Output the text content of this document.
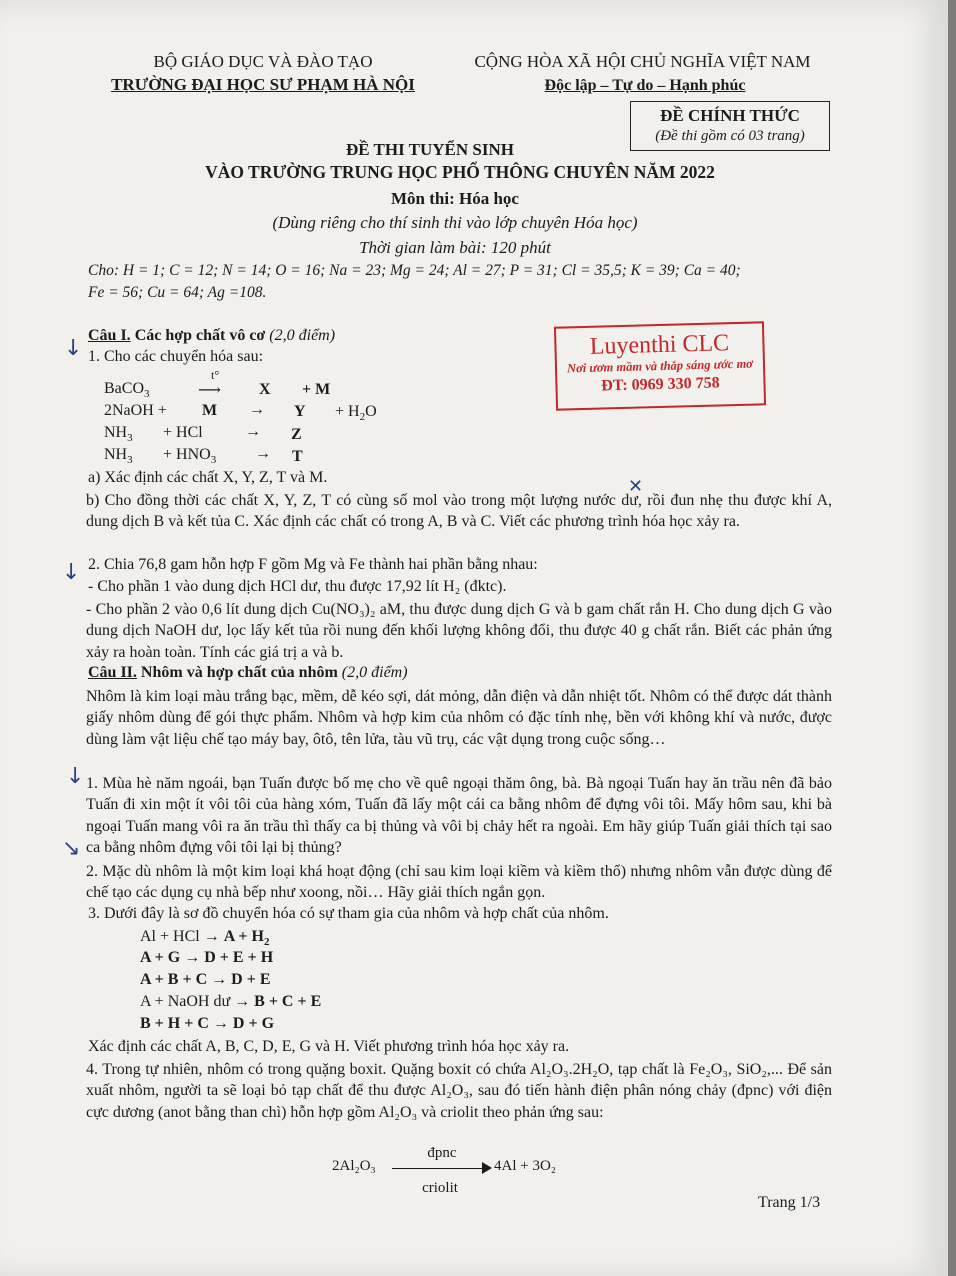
BỘ GIÁO DỤC VÀ ĐÀO TẠO
TRƯỜNG ĐẠI HỌC SƯ PHẠM HÀ NỘI
CỘNG HÒA XÃ HỘI CHỦ NGHĨA VIỆT NAM
Độc lập – Tự do – Hạnh phúc
ĐỀ CHÍNH THỨC
(Đề thi gồm có 03 trang)
ĐỀ THI TUYỂN SINH
VÀO TRƯỜNG TRUNG HỌC PHỔ THÔNG CHUYÊN NĂM 2022
Môn thi: Hóa học
(Dùng riêng cho thí sinh thi vào lớp chuyên Hóa học)
Thời gian làm bài: 120 phút
Cho: H = 1; C = 12; N = 14; O = 16; Na = 23; Mg = 24; Al = 27; P = 31; Cl = 35,5; K = 39; Ca = 40;
Fe = 56; Cu = 64; Ag =108.
Luyenthi CLC
Nơi ươm mầm và thắp sáng ước mơ
ĐT: 0969 330 758
Câu I. Các hợp chất vô cơ (2,0 điểm)
1. Cho các chuyển hóa sau:
BaCO$_3$
t°
⟶ X + M
2NaOH + $M \to Y + H_2O$
$NH_3$ + HCl	→ Z
$NH_3 + HNO_3 \to T$
a) Xác định các chất X, Y, Z, T và M.
b) Cho đồng thời các chất X, Y, Z, T có cùng số mol vào trong một lượng nước dư, rồi đun nhẹ thu được khí A, dung dịch B và kết tủa C. Xác định các chất có trong A, B và C. Viết các phương trình hóa học xảy ra.
2. Chia 76,8 gam hỗn hợp F gồm Mg và Fe thành hai phần bằng nhau:
- Cho phần 1 vào dung dịch HCl dư, thu được 17,92 lít H₂ (đktc).
- Cho phần 2 vào 0,6 lít dung dịch Cu(NO₃)₂ aM, thu được dung dịch G và b gam chất rắn H. Cho dung dịch G vào dung dịch NaOH dư, lọc lấy kết tủa rồi nung đến khối lượng không đổi, thu được 40 g chất rắn. Biết các phản ứng xảy ra hoàn toàn. Tính các giá trị a và b.
Câu II. Nhôm và hợp chất của nhôm (2,0 điểm)
Nhôm là kim loại màu trắng bạc, mềm, dễ kéo sợi, dát mỏng, dẫn điện và dẫn nhiệt tốt. Nhôm có thể được dát thành giấy nhôm dùng để gói thực phẩm. Nhôm và hợp kim của nhôm có đặc tính nhẹ, bền với không khí và nước, được dùng làm vật liệu chế tạo máy bay, ôtô, tên lửa, tàu vũ trụ, các vật dụng trong cuộc sống…
1. Mùa hè năm ngoái, bạn Tuấn được bố mẹ cho về quê ngoại thăm ông, bà. Bà ngoại Tuấn hay ăn trầu nên đã bảo Tuấn đi xin một ít vôi tôi của hàng xóm, Tuấn đã lấy một cái ca bằng nhôm để đựng vôi tôi. Mấy hôm sau, khi bà ngoại Tuấn mang vôi ra ăn trầu thì thấy ca bị thủng và vôi bị chảy hết ra ngoài. Em hãy giúp Tuấn giải thích tại sao ca bằng nhôm đựng vôi tôi lại bị thủng?
2. Mặc dù nhôm là một kim loại khá hoạt động (chỉ sau kim loại kiềm và kiềm thổ) nhưng nhôm vẫn được dùng để chế tạo các dụng cụ nhà bếp như xoong, nồi… Hãy giải thích ngắn gọn.
3. Dưới đây là sơ đồ chuyển hóa có sự tham gia của nhôm và hợp chất của nhôm.
Al + HCl → $A + H_2$
A + G → D + E + H
A + B + C → D + E
A + NaOH dư → B + C + E
B + H + C → D + G
Xác định các chất A, B, C, D, E, G và H. Viết phương trình hóa học xảy ra.
4. Trong tự nhiên, nhôm có trong quặng boxit. Quặng boxit có chứa Al₂O₃.2H₂O, tạp chất là Fe₂O₃, SiO₂,... Để sản xuất nhôm, người ta sẽ loại bỏ tạp chất để thu được Al₂O₃, sau đó tiến hành điện phân nóng chảy (đpnc) với điện cực dương (anot bằng than chì) hỗn hợp gồm Al₂O₃ và criolit theo phản ứng sau:
2Al₂O₃
đpnc
criolit
4Al + 3O₂
Trang 1/3
↓
↓
↓
↘
✕
